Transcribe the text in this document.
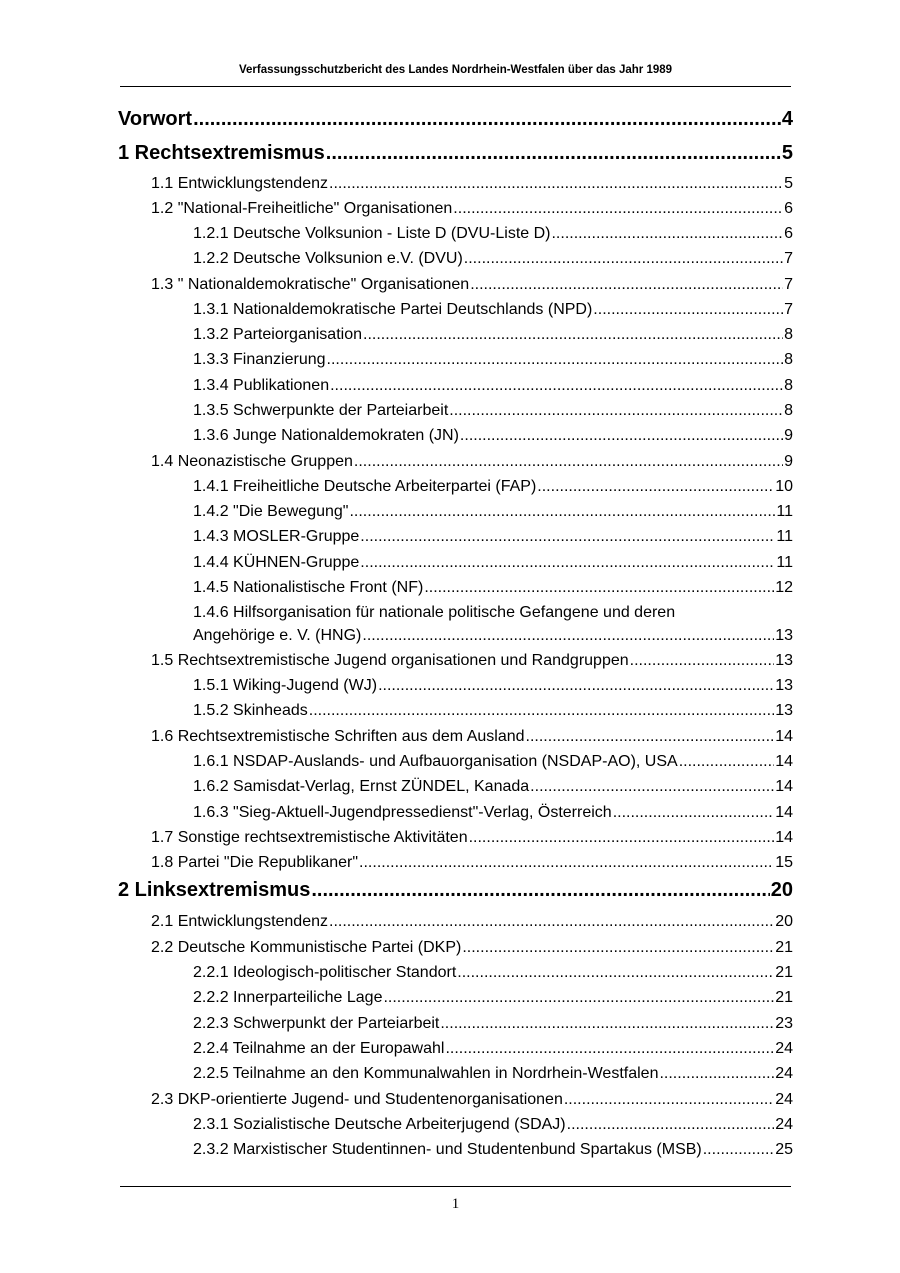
Verfassungsschutzbericht des Landes Nordrhein-Westfalen über das Jahr 1989
Vorwort .....	4
1 Rechtsextremismus .....	5
1.1 Entwicklungstendenz .....	5
1.2 "National-Freiheitliche" Organisationen .....	6
1.2.1 Deutsche Volksunion - Liste D (DVU-Liste D) .....	6
1.2.2 Deutsche Volksunion e.V. (DVU) .....	7
1.3 " Nationaldemokratische" Organisationen .....	7
1.3.1 Nationaldemokratische Partei Deutschlands (NPD) .....	7
1.3.2 Parteiorganisation .....	8
1.3.3 Finanzierung .....	8
1.3.4 Publikationen .....	8
1.3.5 Schwerpunkte der Parteiarbeit .....	8
1.3.6 Junge Nationaldemokraten (JN) .....	9
1.4 Neonazistische Gruppen .....	9
1.4.1 Freiheitliche Deutsche Arbeiterpartei (FAP) .....	10
1.4.2 "Die Bewegung" .....	11
1.4.3 MOSLER-Gruppe .....	11
1.4.4 KÜHNEN-Gruppe .....	11
1.4.5 Nationalistische Front (NF) .....	12
1.4.6 Hilfsorganisation für nationale politische Gefangene und deren
Angehörige e. V. (HNG) .....	13
1.5 Rechtsextremistische Jugend organisationen und Randgruppen .....	13
1.5.1 Wiking-Jugend (WJ) .....	13
1.5.2 Skinheads .....	13
1.6 Rechtsextremistische Schriften aus dem Ausland .....	14
1.6.1 NSDAP-Auslands- und Aufbauorganisation (NSDAP-AO), USA .....	14
1.6.2 Samisdat-Verlag, Ernst ZÜNDEL, Kanada .....	14
1.6.3 "Sieg-Aktuell-Jugendpressedienst"-Verlag, Österreich .....	14
1.7 Sonstige rechtsextremistische Aktivitäten .....	14
1.8 Partei "Die Republikaner" .....	15
2 Linksextremismus .....	20
2.1 Entwicklungstendenz .....	20
2.2 Deutsche Kommunistische Partei (DKP) .....	21
2.2.1 Ideologisch-politischer Standort .....	21
2.2.2 Innerparteiliche Lage .....	21
2.2.3 Schwerpunkt der Parteiarbeit .....	23
2.2.4 Teilnahme an der Europawahl .....	24
2.2.5 Teilnahme an den Kommunalwahlen in Nordrhein-Westfalen .....	24
2.3 DKP-orientierte Jugend- und Studentenorganisationen .....	24
2.3.1 Sozialistische Deutsche Arbeiterjugend (SDAJ) .....	24
2.3.2 Marxistischer Studentinnen- und Studentenbund Spartakus (MSB) .....	25
1
